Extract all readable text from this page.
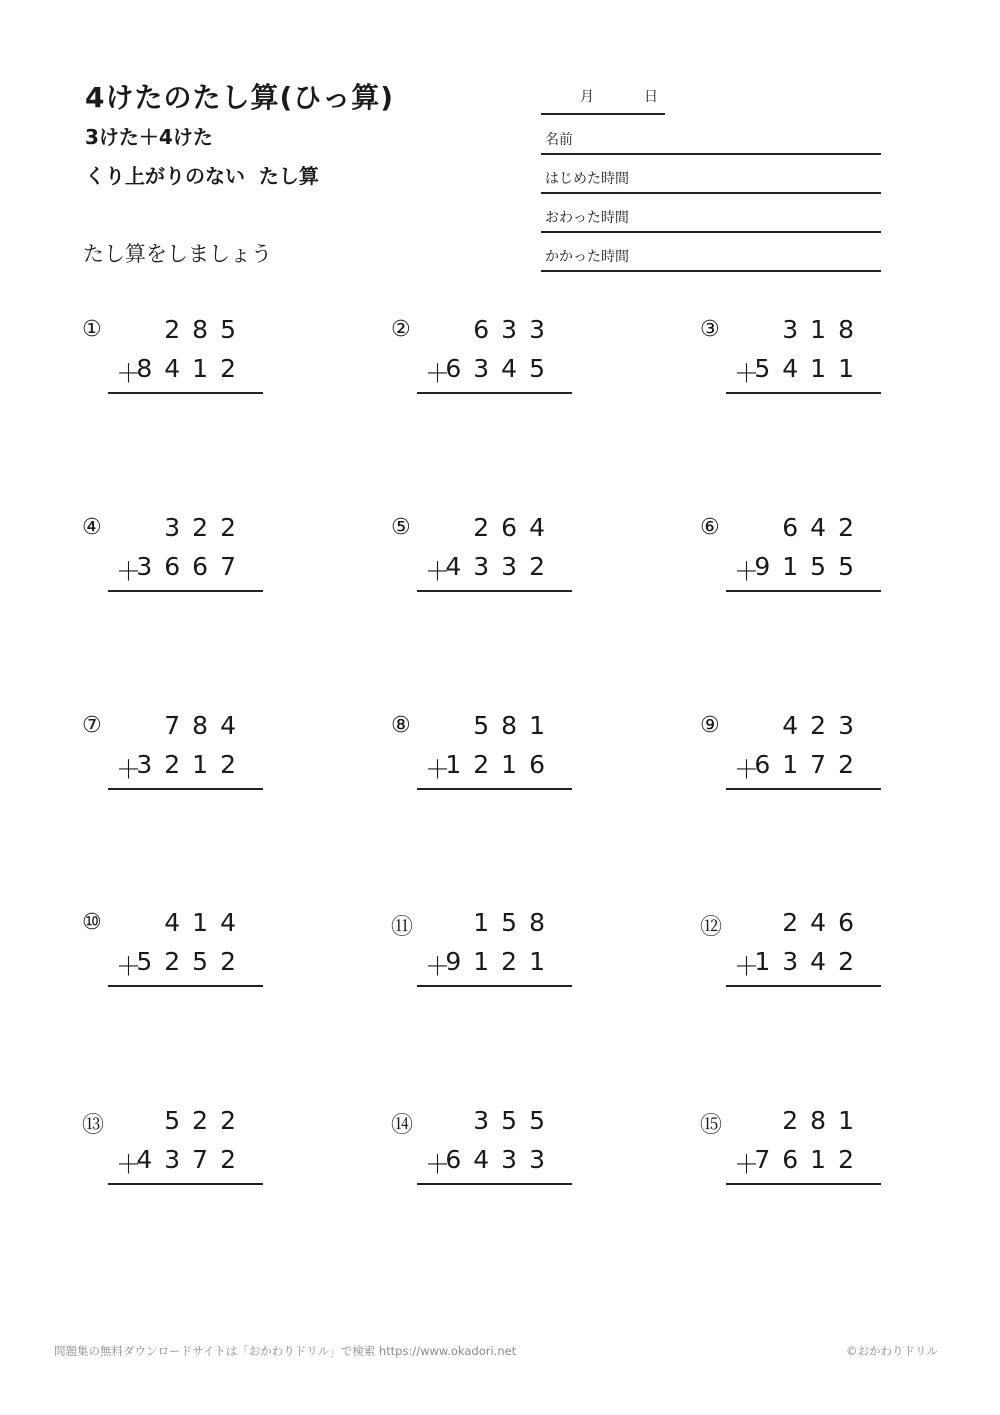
4けたのたし算(ひっ算)
3けた＋4けた
くり上がりのない  たし算
たし算をしましょう
月	日
名前
はじめた時間
おわった時間
かかった時間
①	285
＋
8412
②	633
＋
6345
③	318
＋
5411
④	322
＋
3667
⑤	264
＋
4332
⑥	642
＋
9155
⑦	784
＋
3212
⑧	581
＋
1216
⑨	423
＋
6172
⑩	414
＋
5252
⑪ 158
＋
9121
⑫ 246
＋
1342
⑬ 522
＋
4372
⑭ 355
＋
6433
⑮ 281
＋
7612
問題集の無料ダウンロードサイトは「おかわりドリル」で検索 https://www.okadori.net	©おかわりドリル
